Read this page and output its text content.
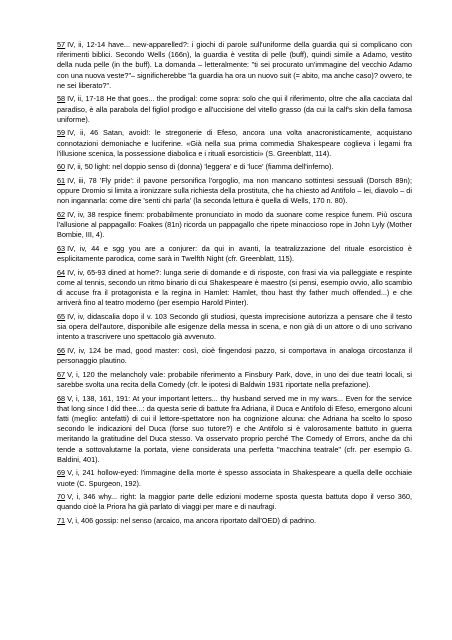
57 IV, ii, 12-14 have... new-apparelled?: i giochi di parole sull'uniforme della guardia qui si complicano con riferimenti biblici. Secondo Wells (166n), la guardia è vestita di pelle (buff), quindi simile a Adamo, vestito della nuda pelle (in the buff). La domanda – letteralmente: "ti sei procurato un'immagine del vecchio Adamo con una nuova veste?"– significherebbe "la guardia ha ora un nuovo suit (= abito, ma anche caso)? ovvero, te ne sei liberato?".
58 IV, ii, 17-18 He that goes... the prodigal: come sopra: solo che qui il riferimento, oltre che alla cacciata dal paradiso, è alla parabola del figliol prodigo e all'uccisione del vitello grasso (da cui la calf's skin della famosa uniforme).
59 IV, ii, 46 Satan, avoid!: le stregonerie di Efeso, ancora una volta anacronisticamente, acquistano connotazioni demoniache e luciferine. «Già nella sua prima commedia Shakespeare coglieva i legami fra l'illusione scenica, la possessione diabolica e i rituali esorcistici» (S. Greenblatt, 114).
60 IV, ii, 50 light: nel doppio senso di (donna) 'leggera' e di 'luce' (fiamma dell'inferno).
61 IV, iii, 78 'Fly pride': il pavone personifica l'orgoglio, ma non mancano sottintesi sessuali (Dorsch 89n); oppure Dromio si limita a ironizzare sulla richiesta della prostituta, che ha chiesto ad Antifolo – lei, diavolo – di non ingannarla: come dire 'senti chi parla' (la seconda lettura è quella di Wells, 170 n. 80).
62 IV, iv, 38 respice finem: probabilmente pronunciato in modo da suonare come respice funem. Più oscura l'allusione al pappagallo: Foakes (81n) ricorda un pappagallo che ripete minaccioso rope in John Lyly (Mother Bombie, III, 4).
63 IV, iv, 44 e sgg you are a conjurer: da qui in avanti, la teatralizzazione del rituale esorcistico è esplicitamente parodica, come sarà in Twelfth Night (cfr. Greenblatt, 115).
64 IV, iv, 65-93 dined at home?: lunga serie di domande e di risposte, con frasi via via palleggiate e respinte come al tennis, secondo un ritmo binario di cui Shakespeare è maestro (si pensi, esempio ovvio, allo scambio di accuse fra il protagonista e la regina in Hamlet: Hamlet, thou hast thy father much offended...) e che arriverà fino al teatro moderno (per esempio Harold Pinter).
65 IV, iv, didascalia dopo il v. 103 Secondo gli studiosi, questa imprecisione autorizza a pensare che il testo sia opera dell'autore, disponibile alle esigenze della messa in scena, e non già di un attore o di uno scrivano intento a trascrivere uno spettacolo già avvenuto.
66 IV, iv, 124 be mad, good master: così, cioè fingendosi pazzo, si comportava in analoga circostanza il personaggio plautino.
67 V, i, 120 the melancholy vale: probabile riferimento a Finsbury Park, dove, in uno dei due teatri locali, si sarebbe svolta una recita della Comedy (cfr. le ipotesi di Baldwin 1931 riportate nella prefazione).
68 V, i, 138, 161, 191: At your important letters... thy husband served me in my wars... Even for the service that long since I did thee...: da questa serie di battute fra Adriana, il Duca e Antifolo di Efeso, emergono alcuni fatti (meglio: antefatti) di cui il lettore-spettatore non ha cognizione alcuna: che Adriana ha scelto lo sposo secondo le indicazioni del Duca (forse suo tutore?) e che Antifolo si è valorosamente battuto in guerra meritando la gratitudine del Duca stesso. Va osservato proprio perché The Comedy of Errors, anche da chi tende a sottovalutarne la portata, viene considerata una perfetta "macchina teatrale" (cfr. per esempio G. Baldini, 401).
69 V, i, 241 hollow-eyed: l'immagine della morte è spesso associata in Shakespeare a quella delle occhiaie vuote (C. Spurgeon, 192).
70 V, i, 346 why... right: la maggior parte delle edizioni moderne sposta questa battuta dopo il verso 360, quando cioè la Priora ha già parlato di viaggi per mare e di naufragi.
71 V, i, 406 gossip: nel senso (arcaico, ma ancora riportato dall'OED) di padrino.
